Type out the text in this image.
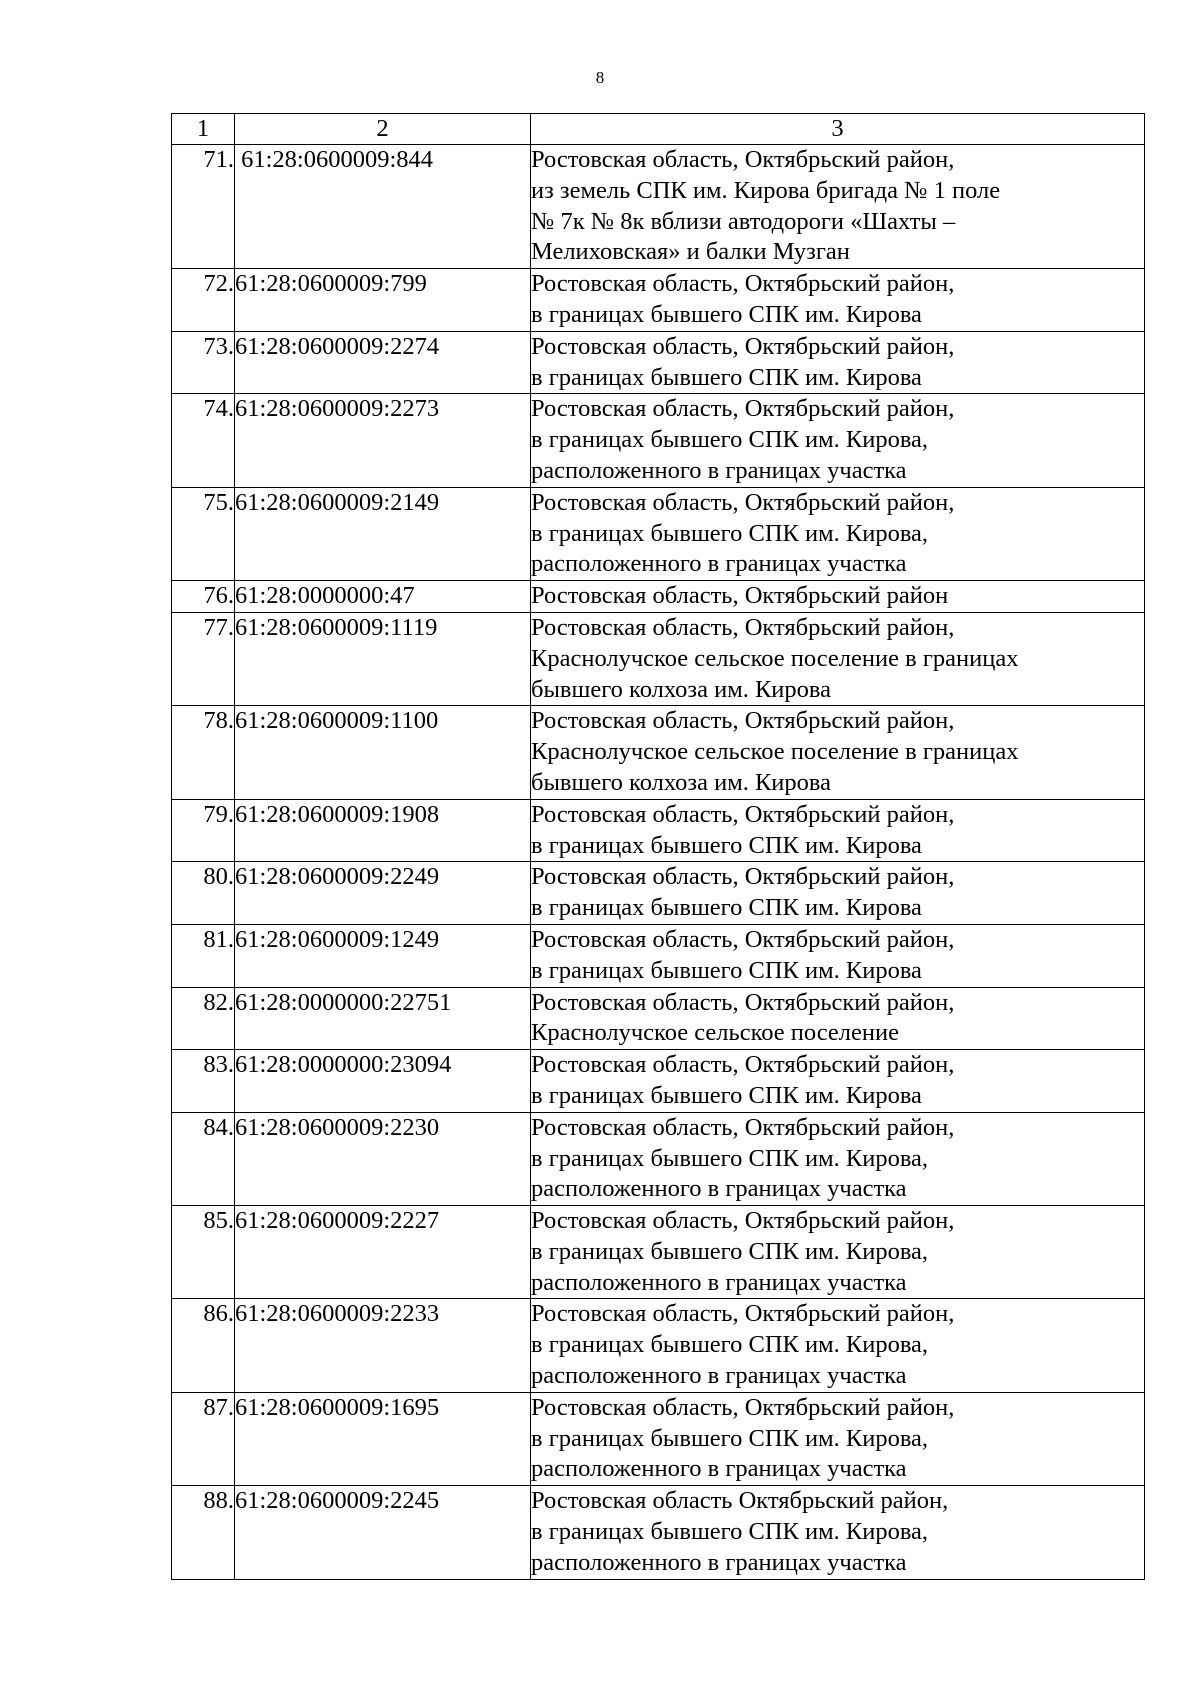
8
1	2	3
71.	61:28:0600009:844	Ростовская область, Октябрьский район,
из земель СПК им. Кирова бригада № 1 поле
№ 7к № 8к вблизи автодороги «Шахты –
Мелиховская» и балки Музган

72.	61:28:0600009:799	Ростовская область, Октябрьский район,
в границах бывшего СПК им. Кирова

73.	61:28:0600009:2274	Ростовская область, Октябрьский район,
в границах бывшего СПК им. Кирова

74.	61:28:0600009:2273	Ростовская область, Октябрьский район,
в границах бывшего СПК им. Кирова,
расположенного в границах участка

75.	61:28:0600009:2149	Ростовская область, Октябрьский район,
в границах бывшего СПК им. Кирова,
расположенного в границах участка

76.	61:28:0000000:47	Ростовская область, Октябрьский район

77.	61:28:0600009:1119	Ростовская область, Октябрьский район,
Краснолучское сельское поселение в границах
бывшего колхоза им. Кирова

78.	61:28:0600009:1100	Ростовская область, Октябрьский район,
Краснолучское сельское поселение в границах
бывшего колхоза им. Кирова

79.	61:28:0600009:1908	Ростовская область, Октябрьский район,
в границах бывшего СПК им. Кирова

80.	61:28:0600009:2249	Ростовская область, Октябрьский район,
в границах бывшего СПК им. Кирова

81.	61:28:0600009:1249	Ростовская область, Октябрьский район,
в границах бывшего СПК им. Кирова

82.	61:28:0000000:22751	Ростовская область, Октябрьский район,
Краснолучское сельское поселение

83.	61:28:0000000:23094	Ростовская область, Октябрьский район,
в границах бывшего СПК им. Кирова

84.	61:28:0600009:2230	Ростовская область, Октябрьский район,
в границах бывшего СПК им. Кирова,
расположенного в границах участка

85.	61:28:0600009:2227	Ростовская область, Октябрьский район,
в границах бывшего СПК им. Кирова,
расположенного в границах участка

86.	61:28:0600009:2233	Ростовская область, Октябрьский район,
в границах бывшего СПК им. Кирова,
расположенного в границах участка

87.	61:28:0600009:1695	Ростовская область, Октябрьский район,
в границах бывшего СПК им. Кирова,
расположенного в границах участка

88.	61:28:0600009:2245	Ростовская область Октябрьский район,
в границах бывшего СПК им. Кирова,
расположенного в границах участка
